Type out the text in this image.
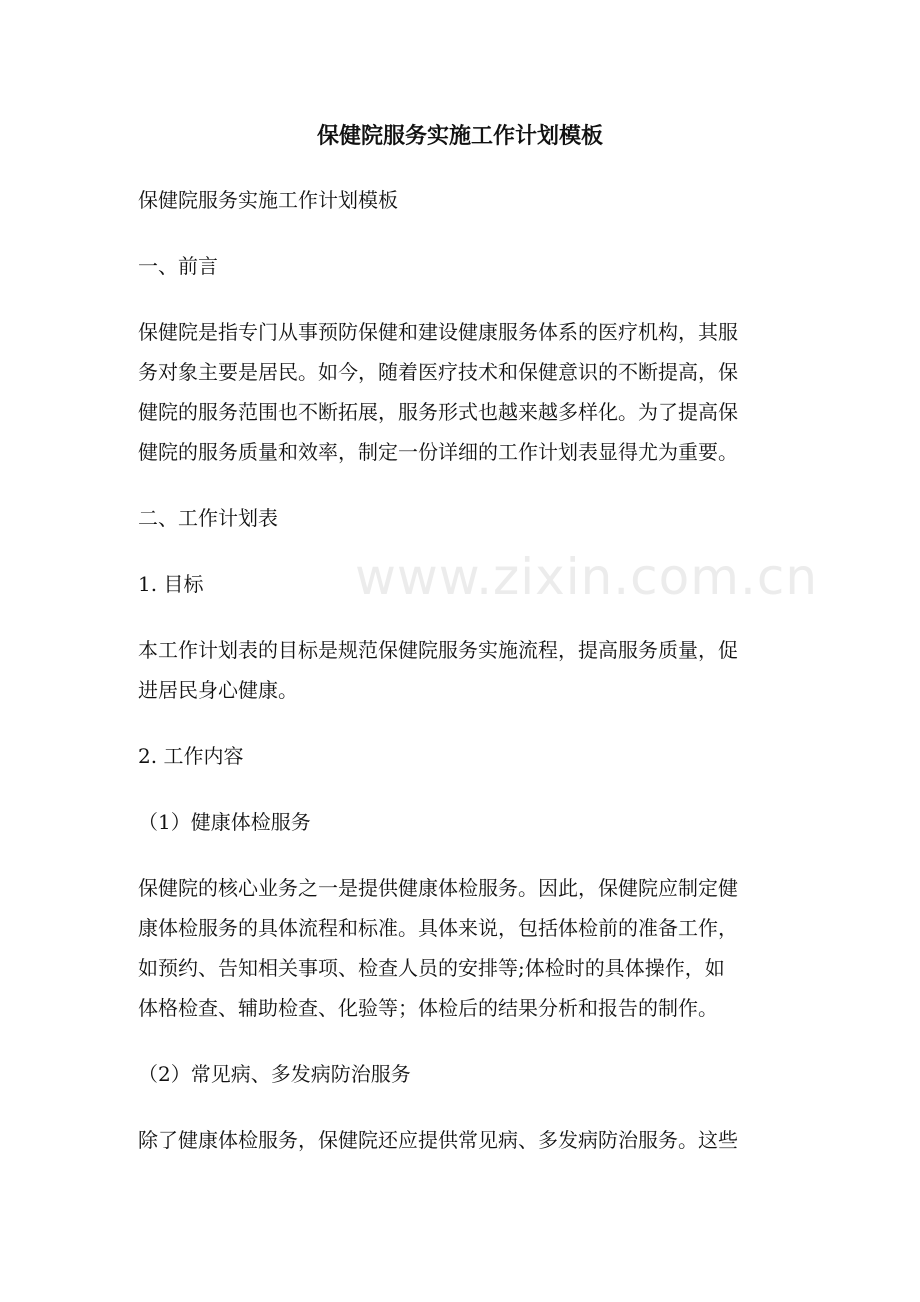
www.zixin.com.cn
保健院服务实施工作计划模板

保健院服务实施工作计划模板

一、前言

保健院是指专门从事预防保健和建设健康服务体系的医疗机构，其服
务对象主要是居民。如今，随着医疗技术和保健意识的不断提高，保
健院的服务范围也不断拓展，服务形式也越来越多样化。为了提高保
健院的服务质量和效率，制定一份详细的工作计划表显得尤为重要。

二、工作计划表

1. 目标

本工作计划表的目标是规范保健院服务实施流程，提高服务质量，促
进居民身心健康。

2. 工作内容

（1）健康体检服务

保健院的核心业务之一是提供健康体检服务。因此，保健院应制定健
康体检服务的具体流程和标准。具体来说，包括体检前的准备工作，
如预约、告知相关事项、检查人员的安排等;体检时的具体操作，如
体格检查、辅助检查、化验等；体检后的结果分析和报告的制作。

（2）常见病、多发病防治服务

除了健康体检服务，保健院还应提供常见病、多发病防治服务。这些
